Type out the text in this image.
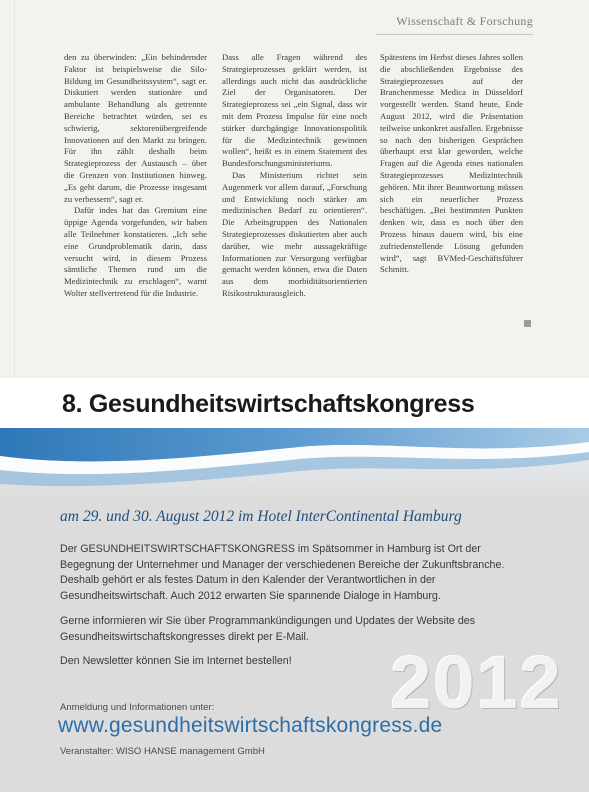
Wissenschaft & Forschung

den zu überwinden: „Ein behindernder Faktor ist beispielsweise die Silo-Bildung im Gesundheitssystem“, sagt er. Diskutiert werden stationäre und ambulante Behandlung als getrennte Bereiche betrachtet würden, sei es schwierig, sektorenübergreifende Innovationen auf den Markt zu bringen. Für ihn zählt deshalb beim Strategieprozess der Austausch – über die Grenzen von Institutionen hinweg. „Es geht darum, die Prozesse insgesamt zu verbessern“, sagt er.

Dafür indes hat das Gremium eine üppige Agenda vorgefunden, wir haben alle Teilnehmer konstatieren. „Ich sehe eine Grundproblematik darin, dass versucht wird, in diesem Prozess sämtliche Themen rund um die Medizintechnik zu erschlagen“, warnt Wolter stellvertretend für die Industrie.

Dass alle Fragen während des Strategieprozesses geklärt werden, ist allerdings auch nicht das ausdrückliche Ziel der Organisatoren. Der Strategieprozess sei „ein Signal, dass wir mit dem Prozess Impulse für eine noch stärker durchgängige Innovationspolitik für die Medizintechnik gewinnen wollen“, heißt es in einem Statement des Bundesforschungsministeriums.

Das Ministerium richtet sein Augenmerk vor allem darauf, „Forschung und Entwicklung noch stärker am medizinischen Bedarf zu orientieren“. Die Arbeitsgruppen des Nationalen Strategieprozesses diskutierten aber auch darüber, wie mehr aussagekräftige Informationen zur Versorgung verfügbar gemacht werden können, etwa die Daten aus dem morbiditätsorientierten Risikostrukturausgleich.

Spätestens im Herbst dieses Jahres sollen die abschließenden Ergebnisse des Strategieprozesses auf der Branchenmesse Medica in Düsseldorf vorgestellt werden. Stand heute, Ende August 2012, wird die Präsentation teilweise unkonkret ausfallen. Ergebnisse so nach den bisherigen Gesprächen überhaupt erst klar geworden, welche Fragen auf die Agenda eines nationalen Strategieprozesses Medizintechnik gehören. Mit ihrer Beantwortung müssen sich ein neuerlicher Prozess beschäftigen. „Bei bestimmten Punkten denken wir, dass es noch über den Prozess hinaus dauern wird, bis eine zufriedenstellende Lösung gefunden wird“, sagt BVMed-Geschäftsführer Schmitt.

8. Gesundheitswirtschaftskongress
am 29. und 30. August 2012 im Hotel InterContinental Hamburg
Der GESUNDHEITSWIRTSCHAFTSKONGRESS im Spätsommer in Hamburg ist Ort der Begegnung der Unternehmer und Manager der verschiedenen Bereiche der Zukunftsbranche. Deshalb gehört er als festes Datum in den Kalender der Verantwortlichen in der Gesundheitswirtschaft. Auch 2012 erwarten Sie spannende Dialoge in Hamburg.
Gerne informieren wir Sie über Programmankündigungen und Updates der Website des Gesundheitswirtschaftskongresses direkt per E-Mail.
Den Newsletter können Sie im Internet bestellen!	2012
Anmeldung und Informationen unter:
www.gesundheitswirtschaftskongress.de
Veranstalter: WISO HANSE management GmbH
